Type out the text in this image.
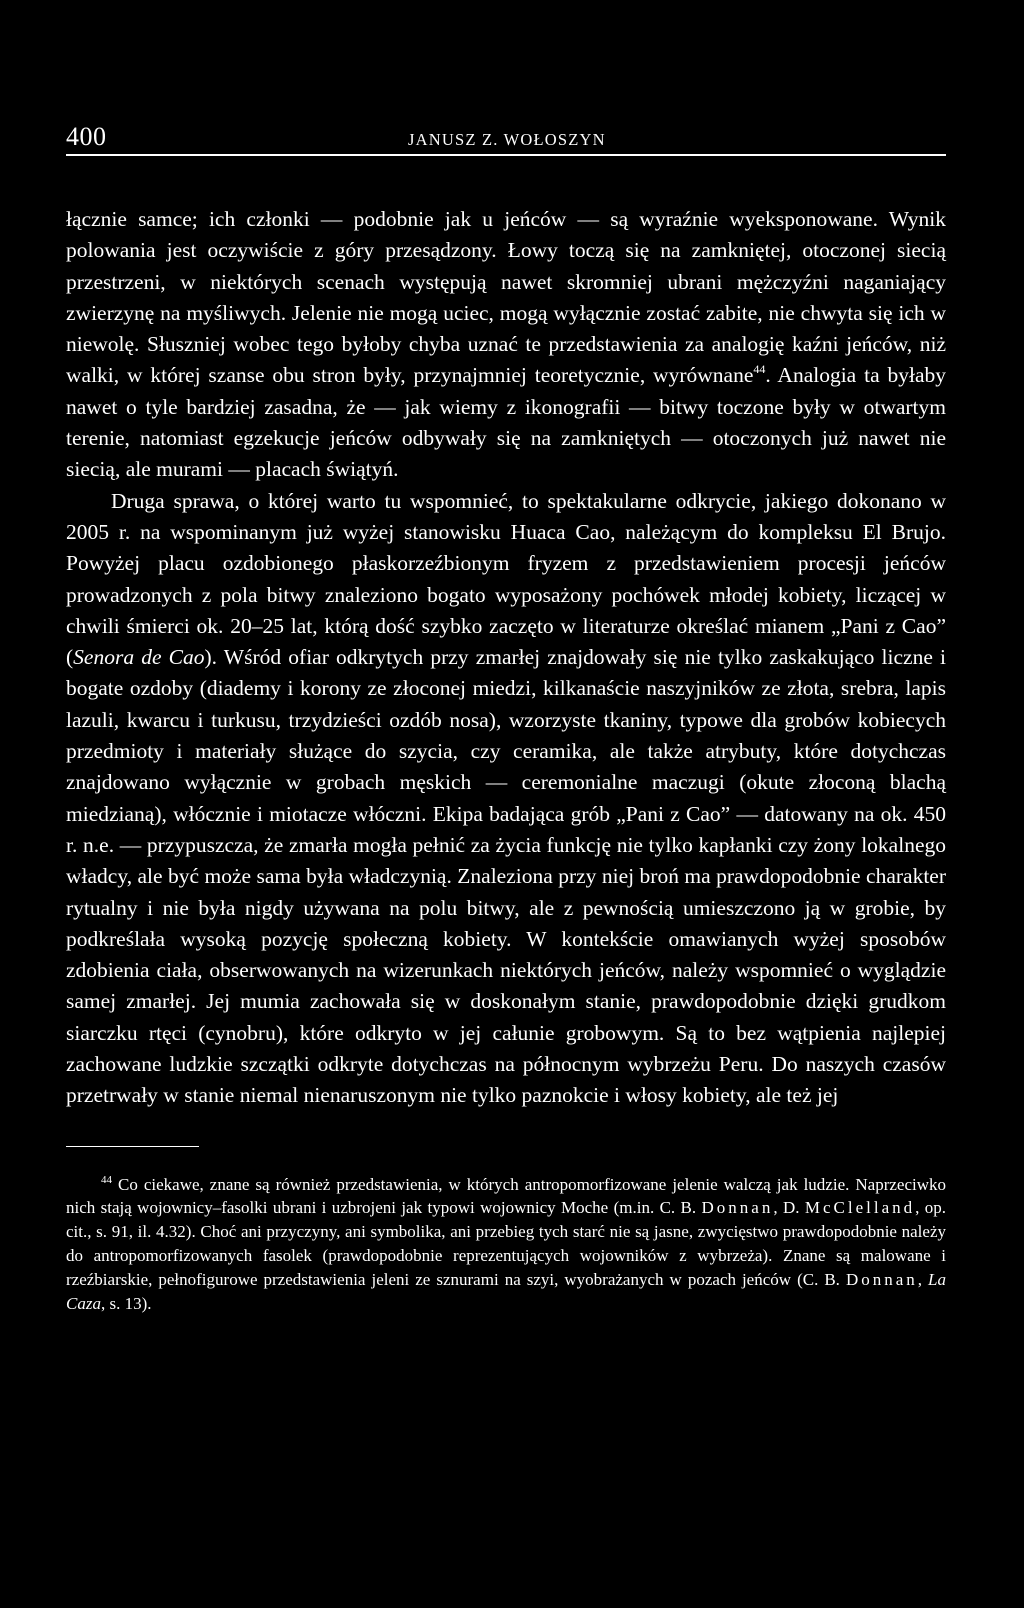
400	JANUSZ Z. WOŁOSZYN

łącznie samce; ich członki — podobnie jak u jeńców — są wyraźnie wyeksponowane. Wynik polowania jest oczywiście z góry przesądzony. Łowy toczą się na zamkniętej, otoczonej siecią przestrzeni, w niektórych scenach występują nawet skromniej ubrani mężczyźni naganiający zwierzynę na myśliwych. Jelenie nie mogą uciec, mogą wyłącznie zostać zabite, nie chwyta się ich w niewolę. Słuszniej wobec tego byłoby chyba uznać te przedstawienia za analogię kaźni jeńców, niż walki, w której szanse obu stron były, przynajmniej teoretycznie, wyrównane$^{44}$. Analogia ta byłaby nawet o tyle bardziej zasadna, że — jak wiemy z ikonografii — bitwy toczone były w otwartym terenie, natomiast egzekucje jeńców odbywały się na zamkniętych — otoczonych już nawet nie siecią, ale murami — placach świątyń.

Druga sprawa, o której warto tu wspomnieć, to spektakularne odkrycie, jakiego dokonano w 2005 r. na wspominanym już wyżej stanowisku Huaca Cao, należącym do kompleksu El Brujo. Powyżej placu ozdobionego płaskorzeźbionym fryzem z przedstawieniem procesji jeńców prowadzonych z pola bitwy znaleziono bogato wyposażony pochówek młodej kobiety, liczącej w chwili śmierci ok. 20–25 lat, którą dość szybko zaczęto w literaturze określać mianem „Pani z Cao” (Senora de Cao). Wśród ofiar odkrytych przy zmarłej znajdowały się nie tylko zaskakująco liczne i bogate ozdoby (diademy i korony ze złoconej miedzi, kilkanaście naszyjników ze złota, srebra, lapis lazuli, kwarcu i turkusu, trzydzieści ozdób nosa), wzorzyste tkaniny, typowe dla grobów kobiecych przedmioty i materiały służące do szycia, czy ceramika, ale także atrybuty, które dotychczas znajdowano wyłącznie w grobach męskich — ceremonialne maczugi (okute złoconą blachą miedzianą), włócznie i miotacze włóczni. Ekipa badająca grób „Pani z Cao” — datowany na ok. 450 r. n.e. — przypuszcza, że zmarła mogła pełnić za życia funkcję nie tylko kapłanki czy żony lokalnego władcy, ale być może sama była władczynią. Znaleziona przy niej broń ma prawdopodobnie charakter rytualny i nie była nigdy używana na polu bitwy, ale z pewnością umieszczono ją w grobie, by podkreślała wysoką pozycję społeczną kobiety. W kontekście omawianych wyżej sposobów zdobienia ciała, obserwowanych na wizerunkach niektórych jeńców, należy wspomnieć o wyglądzie samej zmarłej. Jej mumia zachowała się w doskonałym stanie, prawdopodobnie dzięki grudkom siarczku rtęci (cynobru), które odkryto w jej całunie grobowym. Są to bez wątpienia najlepiej zachowane ludzkie szczątki odkryte dotychczas na północnym wybrzeżu Peru. Do naszych czasów przetrwały w stanie niemal nienaruszonym nie tylko paznokcie i włosy kobiety, ale też jej

$^{44}$ Co ciekawe, znane są również przedstawienia, w których antropomorfizowane jelenie walczą jak ludzie. Naprzeciwko nich stają wojownicy–fasolki ubrani i uzbrojeni jak typowi wojownicy Moche (m.in. C. B. Donnan, D. McClelland, op. cit., s. 91, il. 4.32). Choć ani przyczyny, ani symbolika, ani przebieg tych starć nie są jasne, zwycięstwo prawdopodobnie należy do antropomorfizowanych fasolek (prawdopodobnie reprezentujących wojowników z wybrzeża). Znane są malowane i rzeźbiarskie, pełnofigurowe przedstawienia jeleni ze sznurami na szyi, wyobrażanych w pozach jeńców (C. B. Donnan, La Caza, s. 13).
